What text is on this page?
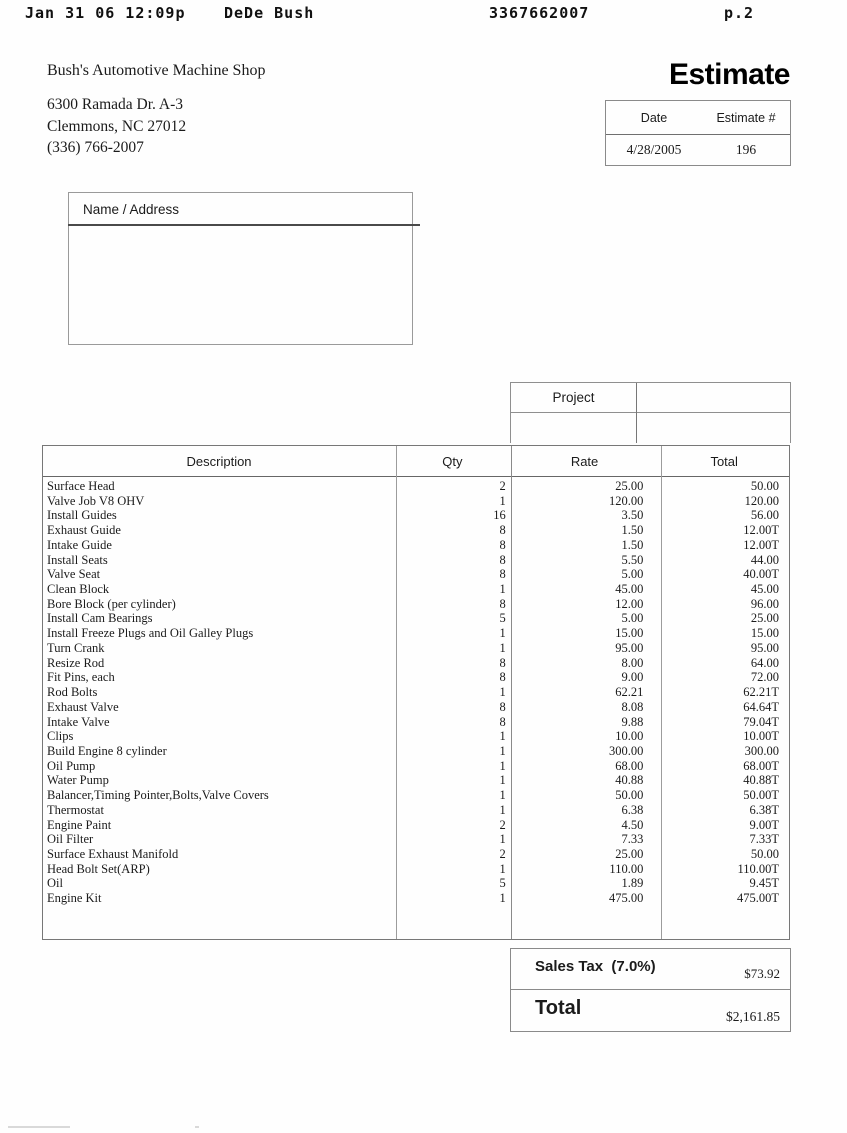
Jan 31 06 12:09p	DeDe Bush	3367662007	p.2
Bush's Automotive Machine Shop
6300 Ramada Dr. A-3
Clemmons, NC 27012
(336) 766-2007
Estimate
Date	Estimate #
4/28/2005	196
Name / Address
Project
Description	Qty	Rate	Total
Surface Head	2	25.00	50.00
Valve Job V8 OHV	1	120.00	120.00
Install Guides	16	3.50	56.00
Exhaust Guide	8	1.50	12.00T
Intake Guide	8	1.50	12.00T
Install Seats	8	5.50	44.00
Valve Seat	8	5.00	40.00T
Clean Block	1	45.00	45.00
Bore Block (per cylinder)	8	12.00	96.00
Install Cam Bearings	5	5.00	25.00
Install Freeze Plugs and Oil Galley Plugs	1	15.00	15.00
Turn Crank	1	95.00	95.00
Resize Rod	8	8.00	64.00
Fit Pins, each	8	9.00	72.00
Rod Bolts	1	62.21	62.21T
Exhaust Valve	8	8.08	64.64T
Intake Valve	8	9.88	79.04T
Clips	1	10.00	10.00T
Build Engine 8 cylinder	1	300.00	300.00
Oil Pump	1	68.00	68.00T
Water Pump	1	40.88	40.88T
Balancer,Timing Pointer,Bolts,Valve Covers	1	50.00	50.00T
Thermostat	1	6.38	6.38T
Engine Paint	2	4.50	9.00T
Oil Filter	1	7.33	7.33T
Surface Exhaust Manifold	2	25.00	50.00
Head Bolt Set(ARP)	1	110.00	110.00T
Oil	5	1.89	9.45T
Engine Kit	1	475.00	475.00T
Sales Tax  (7.0%)	$73.92
Total	$2,161.85
